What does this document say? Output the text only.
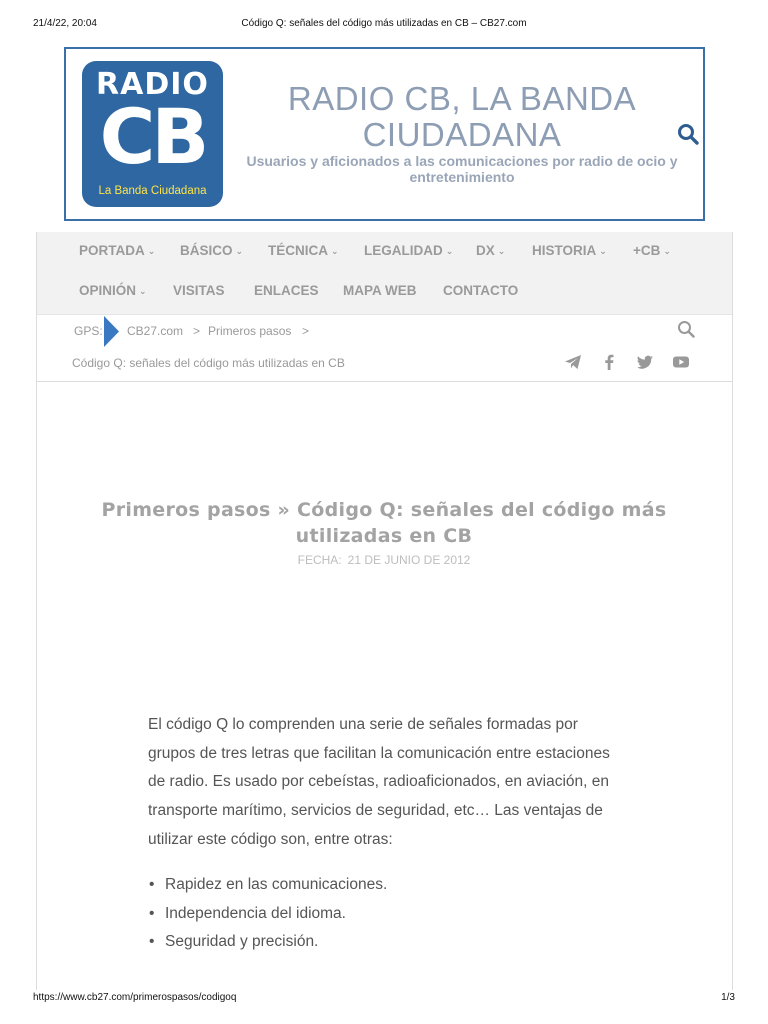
21/4/22, 20:04	Código Q: señales del código más utilizadas en CB – CB27.com
RADIO
CB
La Banda Ciudadana
RADIO CB, LA BANDA CIUDADANA
Usuarios y aficionados a las comunicaciones por radio de ocio y entretenimiento
PORTADA ⌄ BÁSICO ⌄ TÉCNICA ⌄ LEGALIDAD ⌄ DX ⌄ HISTORIA ⌄ +CB ⌄
OPINIÓN ⌄ VISITAS ENLACES MAPA WEB CONTACTO
GPS: CB27.com > Primeros pasos >
Código Q: señales del código más utilizadas en CB
Primeros pasos » Código Q: señales del código más utilizadas en CB
FECHA: 21 DE JUNIO DE 2012

El código Q lo comprenden una serie de señales formadas por grupos de tres letras que facilitan la comunicación entre estaciones de radio. Es usado por cebeístas, radioaficionados, en aviación, en transporte marítimo, servicios de seguridad, etc… Las ventajas de utilizar este código son, entre otras:

• Rapidez en las comunicaciones.
• Independencia del idioma.
• Seguridad y precisión.
https://www.cb27.com/primerospasos/codigoq	1/3
